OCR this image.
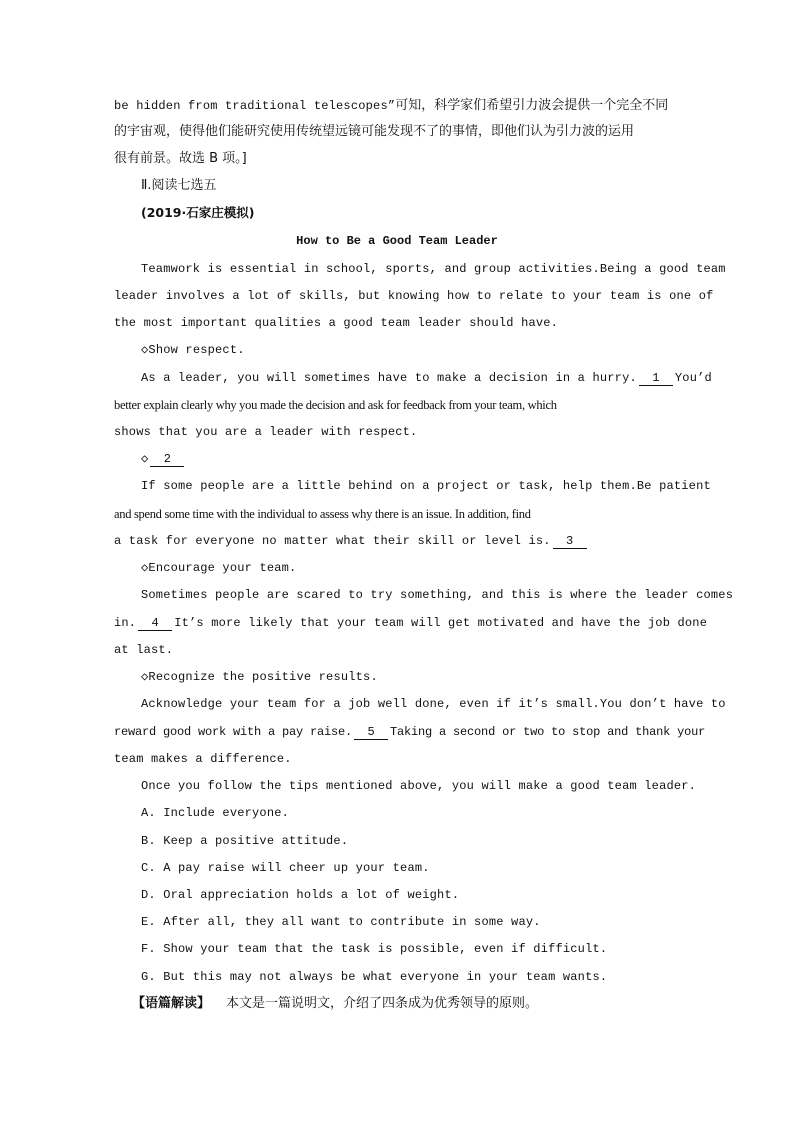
be hidden from traditional telescopes”可知，科学家们希望引力波会提供一个完全不同
的宇宙观，使得他们能研究使用传统望远镜可能发现不了的事情，即他们认为引力波的运用
很有前景。故选 B 项。]
Ⅱ.阅读七选五
(2019·石家庄模拟)
How to Be a Good Team Leader
Teamwork is essential in school, sports, and group activities.Being a good team
leader involves a lot of skills, but knowing how to relate to your team is one of
the most important qualities a good team leader should have.
◇Show respect.
As a leader, you will sometimes have to make a decision in a hurry. 1 You’d
better explain clearly why you made the decision and ask for feedback from your team, which
shows that you are a leader with respect.
◇ 2
If some people are a little behind on a project or task, help them.Be patient
and spend some time with the individual to assess why there is an issue. In addition, find
a task for everyone no matter what their skill or level is. 3
◇Encourage your team.
Sometimes people are scared to try something, and this is where the leader comes
in. 4 It’s more likely that your team will get motivated and have the job done
at last.
◇Recognize the positive results.
Acknowledge your team for a job well done, even if it’s small.You don’t have to
reward good work with a pay raise. 5 Taking a second or two to stop and thank your
team makes a difference.
Once you follow the tips mentioned above, you will make a good team leader.
A. Include everyone.
B. Keep a positive attitude.
C. A pay raise will cheer up your team.
D. Oral appreciation holds a lot of weight.
E. After all, they all want to contribute in some way.
F. Show your team that the task is possible, even if difficult.
G. But this may not always be what everyone in your team wants.
【语篇解读】 本文是一篇说明文，介绍了四条成为优秀领导的原则。
